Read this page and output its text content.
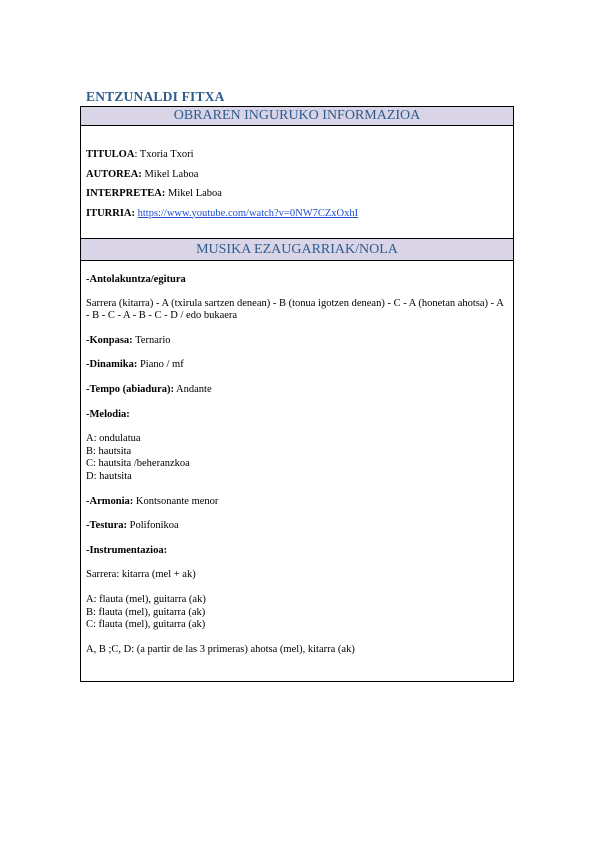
ENTZUNALDI FITXA
OBRAREN INGURUKO INFORMAZIOA
TITULOA: Txoria Txori
AUTOREA: Mikel Laboa
INTERPRETEA: Mikel Laboa
ITURRIA: https://www.youtube.com/watch?v=0NW7CZxOxhI
MUSIKA EZAUGARRIAK/NOLA
-Antolakuntza/egitura
Sarrera (kitarra) - A (txirula sartzen denean) - B (tonua igotzen denean) - C - A (honetan ahotsa) - A - B - C - A - B - C - D / edo bukaera
-Konpasa: Ternario
-Dinamika: Piano / mf
-Tempo (abiadura): Andante
-Melodia:
A: ondulatua
B: hautsita
C: hautsita /beheranzkoa
D: hautsita
-Armonia: Kontsonante menor
-Testura: Polifonikoa
-Instrumentazioa:
Sarrera: kitarra (mel + ak)
A: flauta (mel), guitarra (ak)
B: flauta (mel), guitarra (ak)
C: flauta (mel), guitarra (ak)
A, B ;C, D: (a partir de las 3 primeras) ahotsa (mel), kitarra (ak)
